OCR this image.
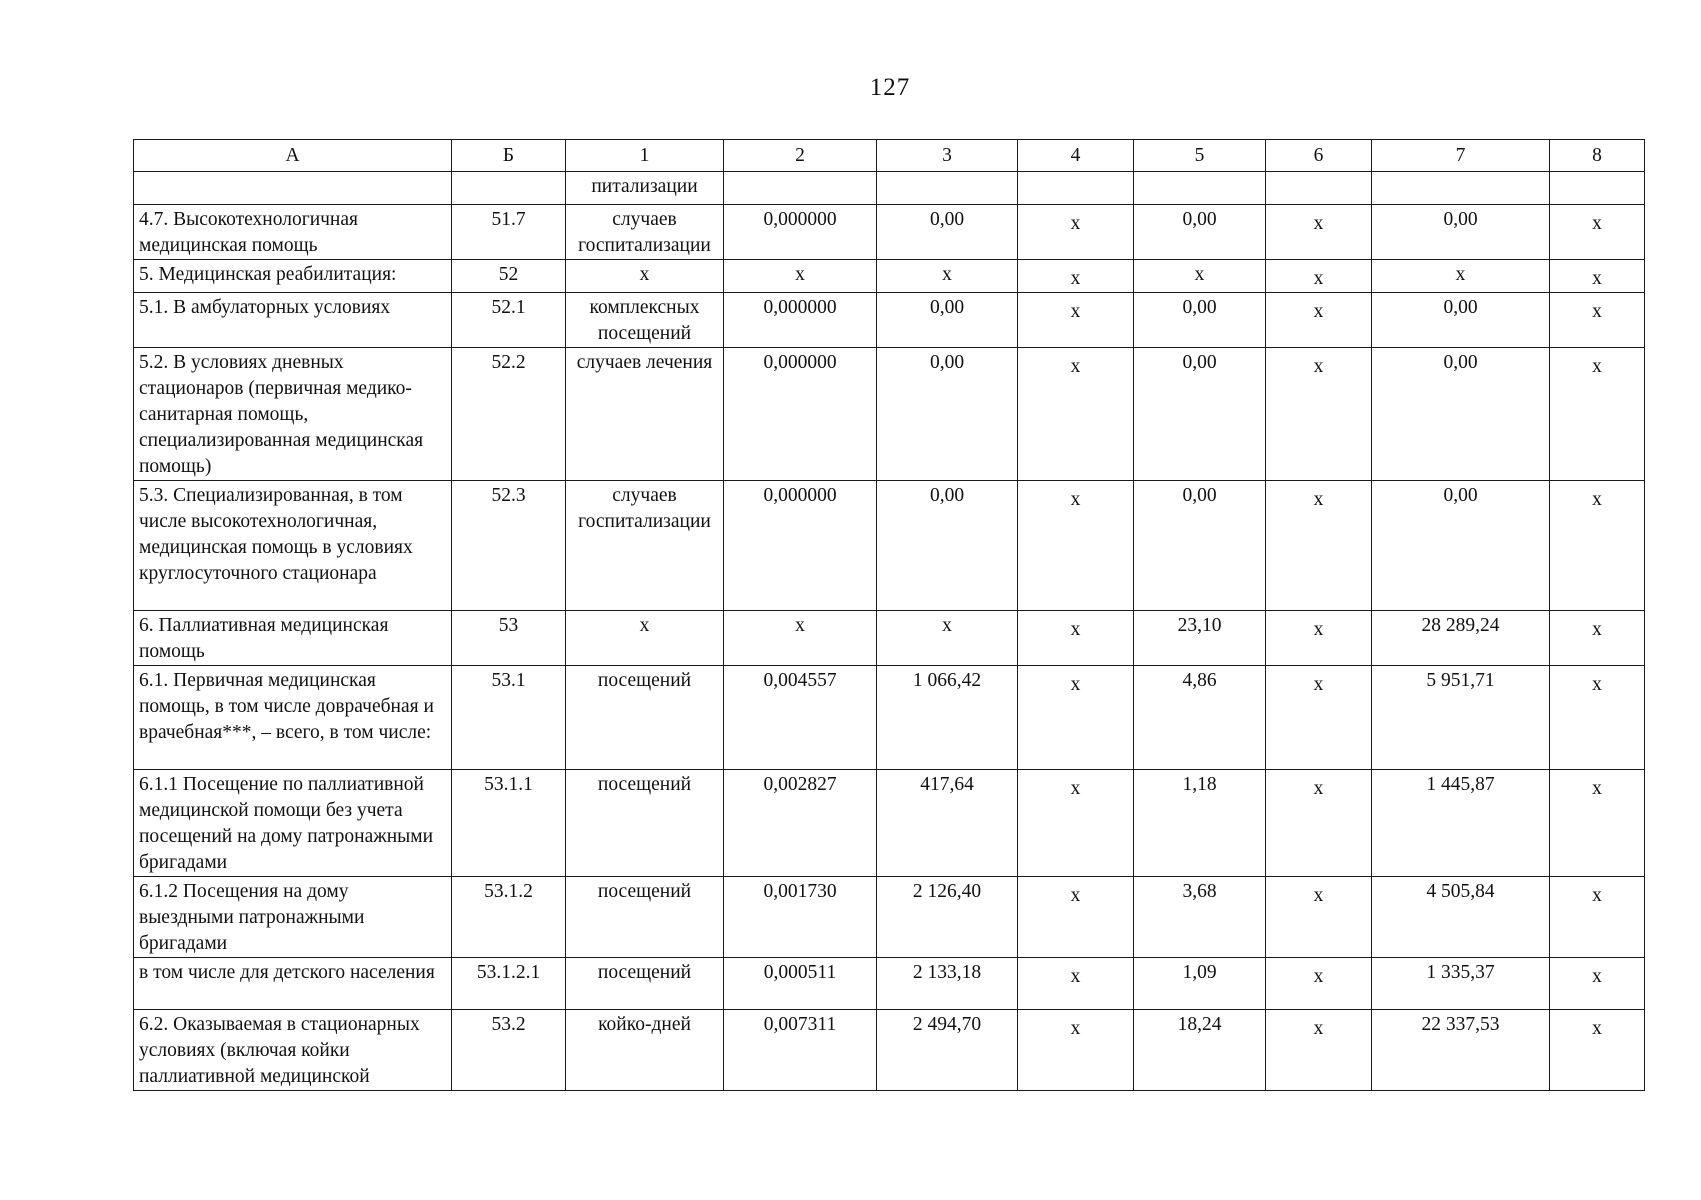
127
А	Б	1	2	3	4	5	6	7	8
		питализации							
4.7. Высокотехнологичная медицинская помощь	51.7	случаев госпитализации	0,000000	0,00	х	0,00	х	0,00	х
5. Медицинская реабилитация:	52	х	х	х	х	х	х	х	х
5.1. В амбулаторных условиях	52.1	комплексных посещений	0,000000	0,00	х	0,00	х	0,00	х
5.2. В условиях дневных стационаров (первичная медико-санитарная помощь, специализированная медицинская помощь)	52.2	случаев лечения	0,000000	0,00	х	0,00	х	0,00	х
5.3. Специализированная, в том числе высокотехнологичная, медицинская помощь в условиях круглосуточного стационара	52.3	случаев госпитализации	0,000000	0,00	х	0,00	х	0,00	х
6. Паллиативная медицинская помощь	53	х	х	х	х	23,10	х	28 289,24	х
6.1. Первичная медицинская помощь, в том числе доврачебная и врачебная***, – всего, в том числе:	53.1	посещений	0,004557	1 066,42	х	4,86	х	5 951,71	х
6.1.1 Посещение по паллиативной медицинской помощи без учета посещений на дому патронажными бригадами	53.1.1	посещений	0,002827	417,64	х	1,18	х	1 445,87	х
6.1.2 Посещения на дому выездными патронажными бригадами	53.1.2	посещений	0,001730	2 126,40	х	3,68	х	4 505,84	х
в том числе для детского населения	53.1.2.1	посещений	0,000511	2 133,18	х	1,09	х	1 335,37	х
6.2. Оказываемая в стационарных условиях (включая койки паллиативной медицинской	53.2	койко-дней	0,007311	2 494,70	х	18,24	х	22 337,53	х
